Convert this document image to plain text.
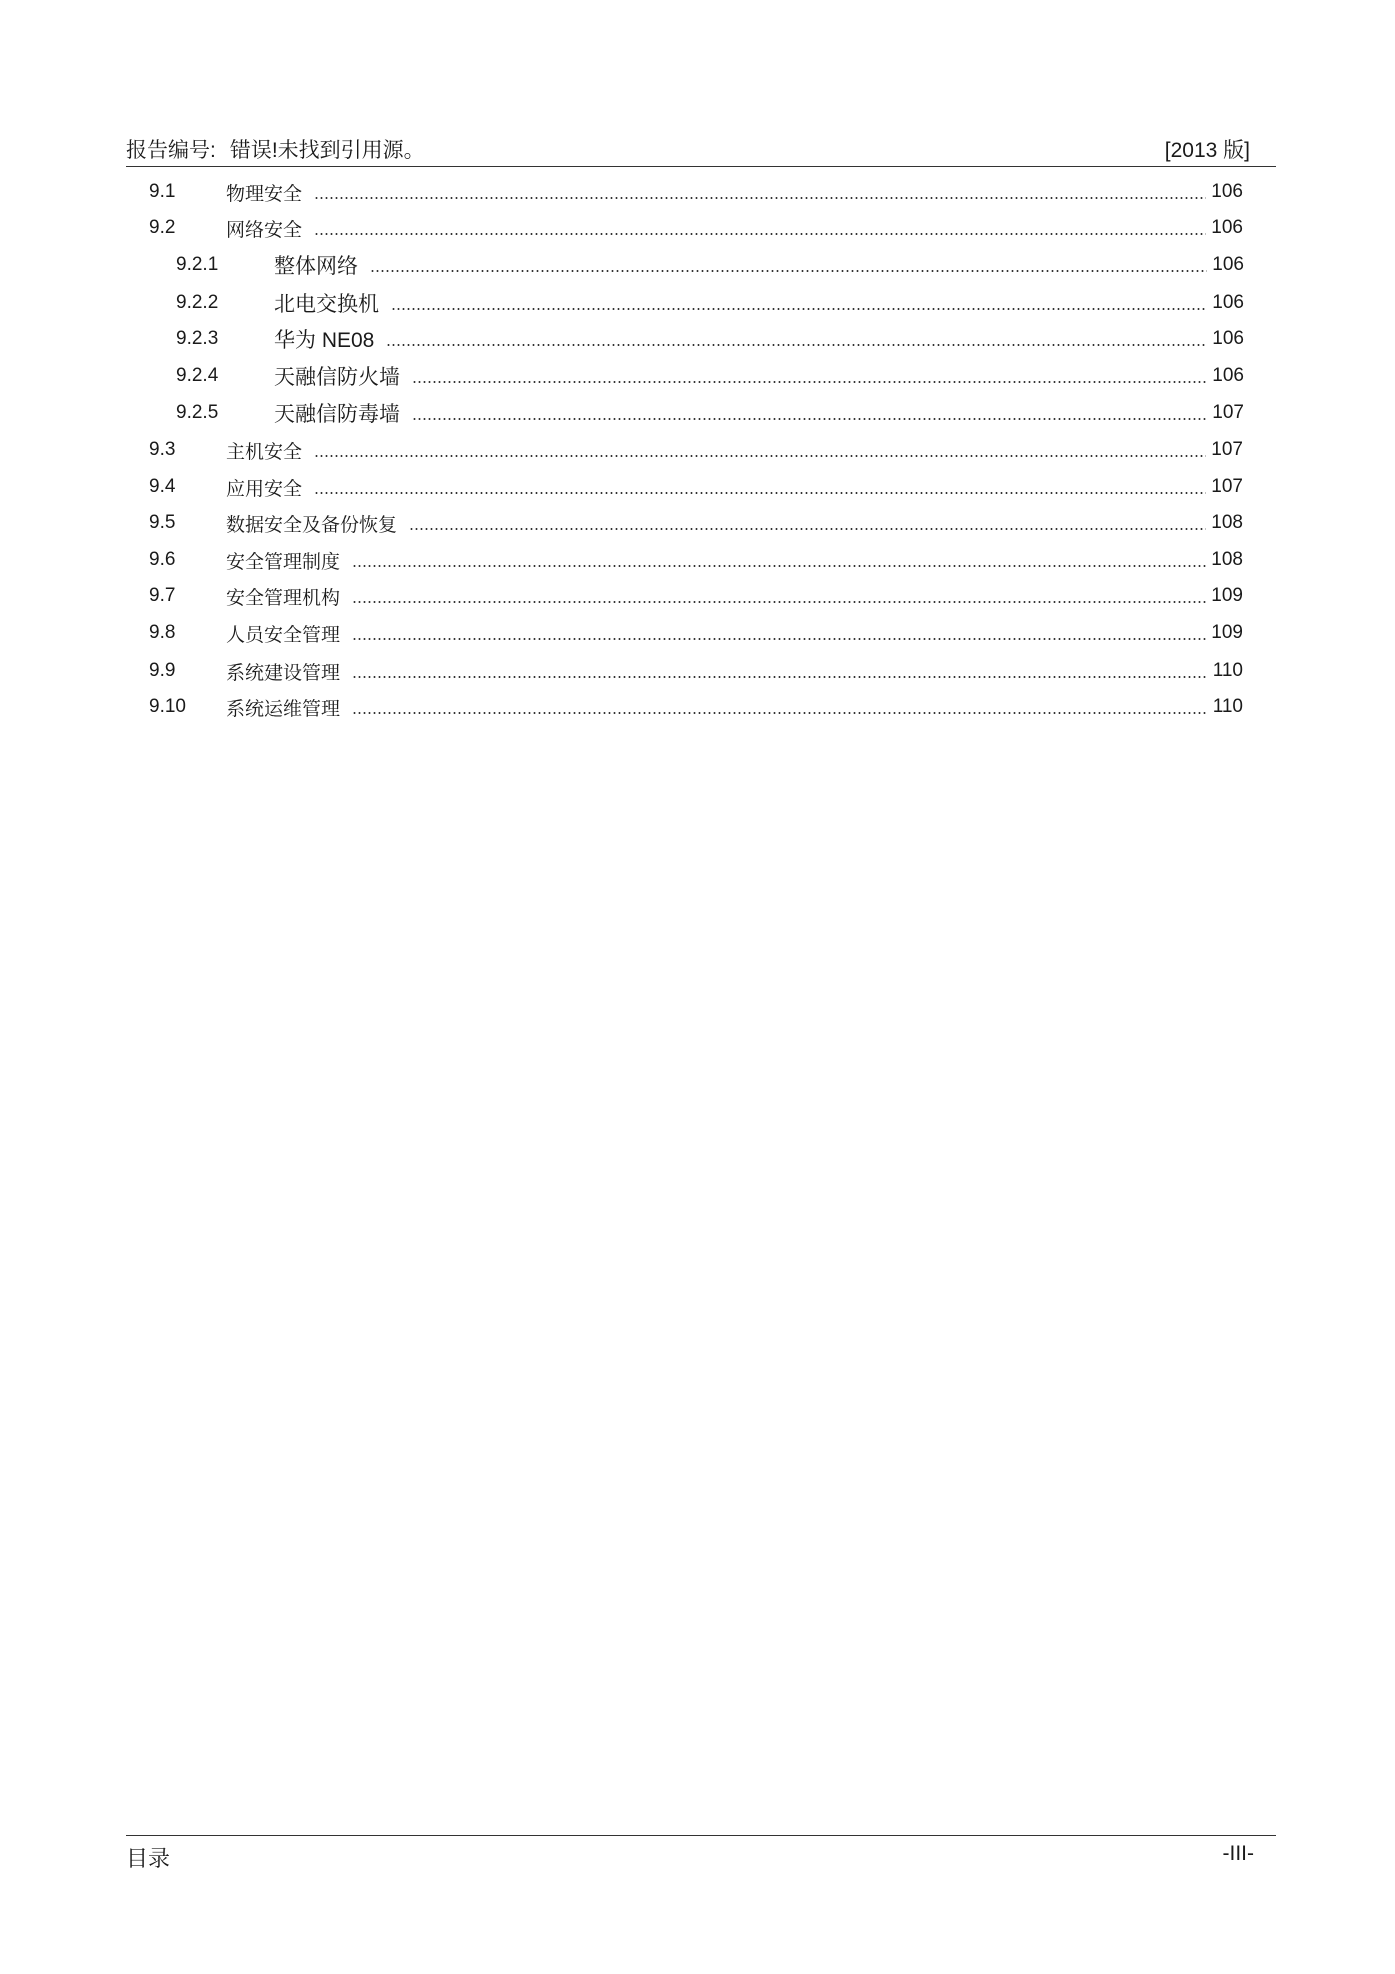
报告编号: 错误!未找到引用源。	[2013 版]
9.1	物理安全	106
9.2	网络安全	106
9.2.1	整体网络	106
9.2.2	北电交换机	106
9.2.3	华为 NE08	106
9.2.4	天融信防火墙	106
9.2.5	天融信防毒墙	107
9.3	主机安全	107
9.4	应用安全	107
9.5	数据安全及备份恢复	108
9.6	安全管理制度	108
9.7	安全管理机构	109
9.8	人员安全管理	109
9.9	系统建设管理	110
9.10	系统运维管理	110
目录	-III-
